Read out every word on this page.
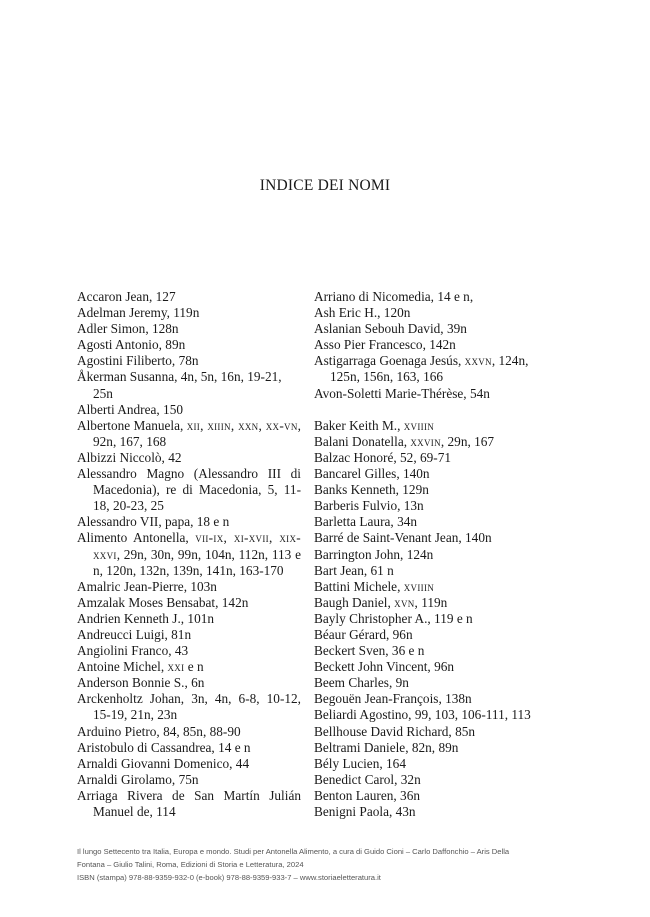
INDICE DEI NOMI
Accaron Jean, 127
Adelman Jeremy, 119n
Adler Simon, 128n
Agosti Antonio, 89n
Agostini Filiberto, 78n
Åkerman Susanna, 4n, 5n, 16n, 19-21, 25n
Alberti Andrea, 150
Albertone Manuela, xii, xiiin, xxn, xx-vn, 92n, 167, 168
Albizzi Niccolò, 42
Alessandro Magno (Alessandro III di Macedonia), re di Macedonia, 5, 11-18, 20-23, 25
Alessandro VII, papa, 18 e n
Alimento Antonella, vii-ix, xi-xvii, xix-xxvi, 29n, 30n, 99n, 104n, 112n, 113 e n, 120n, 132n, 139n, 141n, 163-170
Amalric Jean-Pierre, 103n
Amzalak Moses Bensabat, 142n
Andrien Kenneth J., 101n
Andreucci Luigi, 81n
Angiolini Franco, 43
Antoine Michel, xxi e n
Anderson Bonnie S., 6n
Arckenholtz Johan, 3n, 4n, 6-8, 10-12, 15-19, 21n, 23n
Arduino Pietro, 84, 85n, 88-90
Aristobulo di Cassandrea, 14 e n
Arnaldi Giovanni Domenico, 44
Arnaldi Girolamo, 75n
Arriaga Rivera de San Martín Julián Manuel de, 114
Arriano di Nicomedia, 14 e n,
Ash Eric H., 120n
Aslanian Sebouh David, 39n
Asso Pier Francesco, 142n
Astigarraga Goenaga Jesús, xxvn, 124n, 125n, 156n, 163, 166
Avon-Soletti Marie-Thérèse, 54n
Baker Keith M., xviiin
Balani Donatella, xxvin, 29n, 167
Balzac Honoré, 52, 69-71
Bancarel Gilles, 140n
Banks Kenneth, 129n
Barberis Fulvio, 13n
Barletta Laura, 34n
Barré de Saint-Venant Jean, 140n
Barrington John, 124n
Bart Jean, 61 n
Battini Michele, xviiin
Baugh Daniel, xvn, 119n
Bayly Christopher A., 119 e n
Béaur Gérard, 96n
Beckert Sven, 36 e n
Beckett John Vincent, 96n
Beem Charles, 9n
Begouën Jean-François, 138n
Beliardi Agostino, 99, 103, 106-111, 113
Bellhouse David Richard, 85n
Beltrami Daniele, 82n, 89n
Bély Lucien, 164
Benedict Carol, 32n
Benton Lauren, 36n
Benigni Paola, 43n
Il lungo Settecento tra Italia, Europa e mondo. Studi per Antonella Alimento, a cura di Guido Cioni – Carlo Daffonchio – Aris Della
Fontana – Giulio Talini, Roma, Edizioni di Storia e Letteratura, 2024
ISBN (stampa) 978-88-9359-932-0 (e-book) 978-88-9359-933-7 – www.storiaeletteratura.it
